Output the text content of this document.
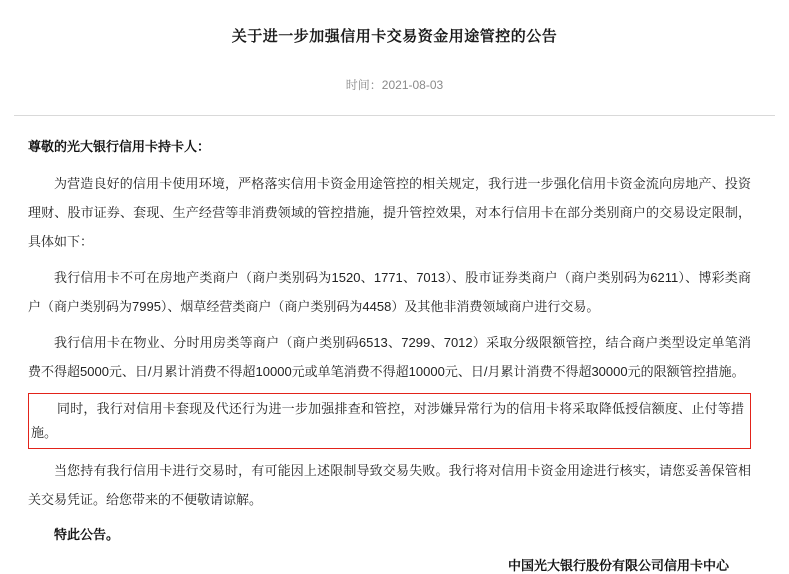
关于进一步加强信用卡交易资金用途管控的公告
时间：2021-08-03
尊敬的光大银行信用卡持卡人：

为营造良好的信用卡使用环境，严格落实信用卡资金用途管控的相关规定，我行进一步强化信用卡资金流向房地产、投资理财、股市证券、套现、生产经营等非消费领域的管控措施，提升管控效果，对本行信用卡在部分类别商户的交易设定限制，具体如下：

我行信用卡不可在房地产类商户（商户类别码为1520、1771、7013）、股市证券类商户（商户类别码为6211）、博彩类商户（商户类别码为7995）、烟草经营类商户（商户类别码为4458）及其他非消费领域商户进行交易。

我行信用卡在物业、分时用房类等商户（商户类别码6513、7299、7012）采取分级限额管控，结合商户类型设定单笔消费不得超5000元、日/月累计消费不得超10000元或单笔消费不得超10000元、日/月累计消费不得超30000元的限额管控措施。

同时，我行对信用卡套现及代还行为进一步加强排查和管控，对涉嫌异常行为的信用卡将采取降低授信额度、止付等措施。

当您持有我行信用卡进行交易时，有可能因上述限制导致交易失败。我行将对信用卡资金用途进行核实，请您妥善保管相关交易凭证。给您带来的不便敬请谅解。

特此公告。
中国光大银行股份有限公司信用卡中心
